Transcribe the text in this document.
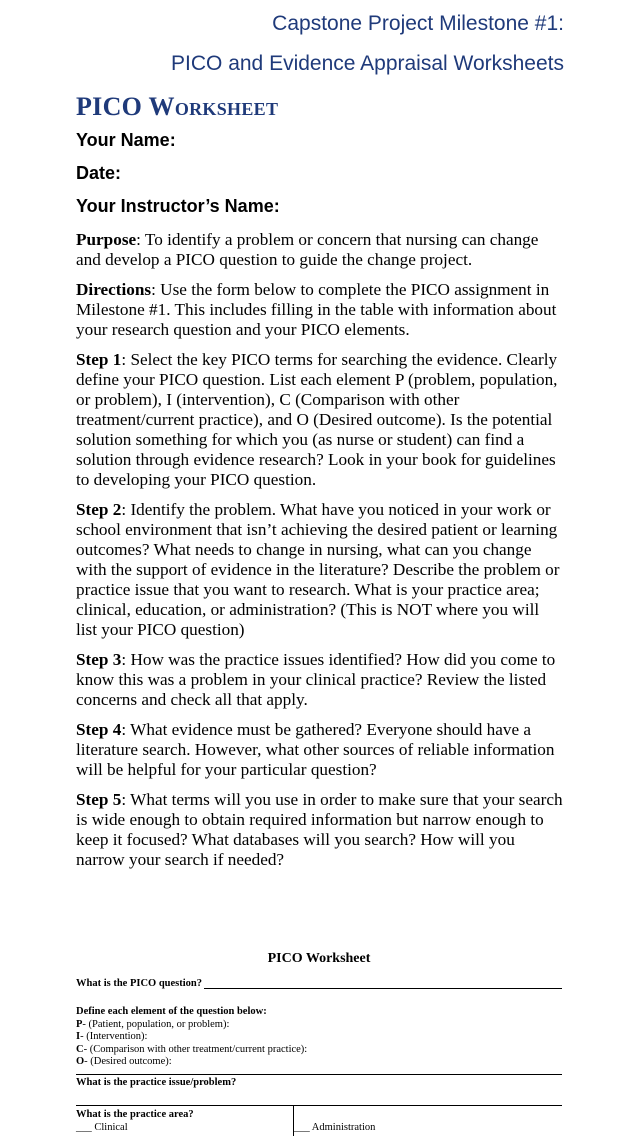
Capstone Project Milestone #1:
PICO and Evidence Appraisal Worksheets
PICO Worksheet
Your Name:
Date:
Your Instructor’s Name:

Purpose: To identify a problem or concern that nursing can change and develop a PICO question to guide the change project.

Directions: Use the form below to complete the PICO assignment in Milestone #1. This includes filling in the table with information about your research question and your PICO elements.

Step 1: Select the key PICO terms for searching the evidence. Clearly define your PICO question. List each element P (problem, population, or problem), I (intervention), C (Comparison with other treatment/current practice), and O (Desired outcome). Is the potential solution something for which you (as nurse or student) can find a solution through evidence research? Look in your book for guidelines to developing your PICO question.

Step 2: Identify the problem. What have you noticed in your work or school environment that isn’t achieving the desired patient or learning outcomes? What needs to change in nursing, what can you change with the support of evidence in the literature? Describe the problem or practice issue that you want to research. What is your practice area; clinical, education, or administration? (This is NOT where you will list your PICO question)

Step 3: How was the practice issues identified? How did you come to know this was a problem in your clinical practice? Review the listed concerns and check all that apply.

Step 4: What evidence must be gathered? Everyone should have a literature search. However, what other sources of reliable information will be helpful for your particular question?

Step 5: What terms will you use in order to make sure that your search is wide enough to obtain required information but narrow enough to keep it focused? What databases will you search? How will you narrow your search if needed?

PICO Worksheet
What is the PICO question?
Define each element of the question below:
P- (Patient, population, or problem):
I- (Intervention):
C- (Comparison with other treatment/current practice):
O- (Desired outcome):
What is the practice issue/problem?
What is the practice area?
___ Clinical	___ Administration
